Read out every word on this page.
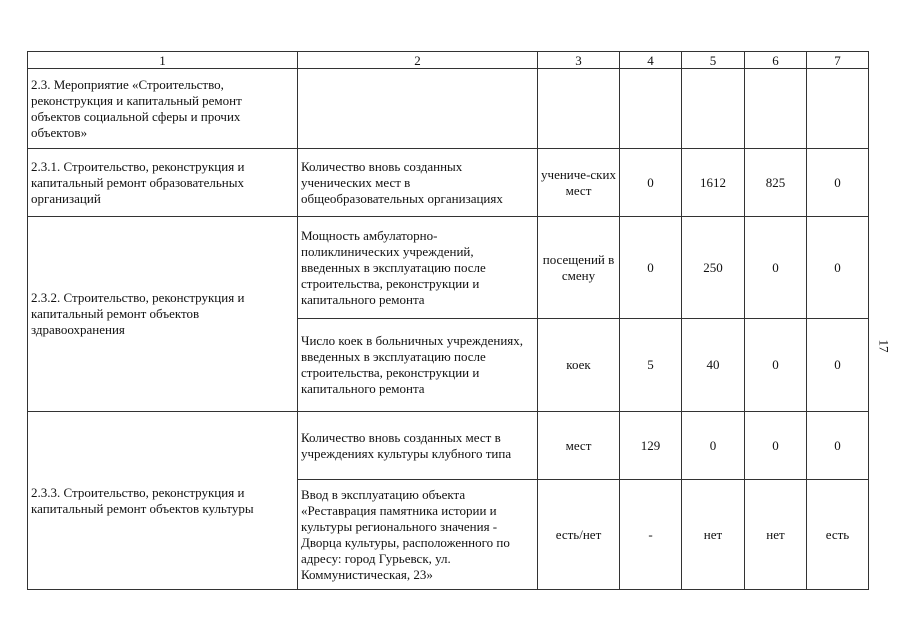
1	2	3	4	5	6	7
2.3. Мероприятие «Строительство, реконструкция и капитальный ремонт объектов социальной сферы и прочих объектов»						
2.3.1. Строительство, реконструкция и капитальный ремонт образовательных организаций	Количество вновь созданных ученических мест в общеобразовательных организациях	учениче-ских мест	0	1612	825	0
2.3.2. Строительство, реконструкция и капитальный ремонт объектов здравоохранения	Мощность амбулаторно-поликлинических учреждений, введенных в эксплуатацию после строительства, реконструкции и капитального ремонта	посещений в смену	0	250	0	0
	Число коек в больничных учреждениях, введенных в эксплуатацию после строительства, реконструкции и капитального ремонта	коек	5	40	0	0
2.3.3. Строительство, реконструкция и капитальный ремонт объектов культуры	Количество вновь созданных мест в учреждениях культуры клубного типа	мест	129	0	0	0
	Ввод в эксплуатацию объекта «Реставрация памятника истории и культуры регионального значения - Дворца культуры, расположенного по адресу: город Гурьевск, ул. Коммунистическая, 23»	есть/нет	-	нет	нет	есть
17
